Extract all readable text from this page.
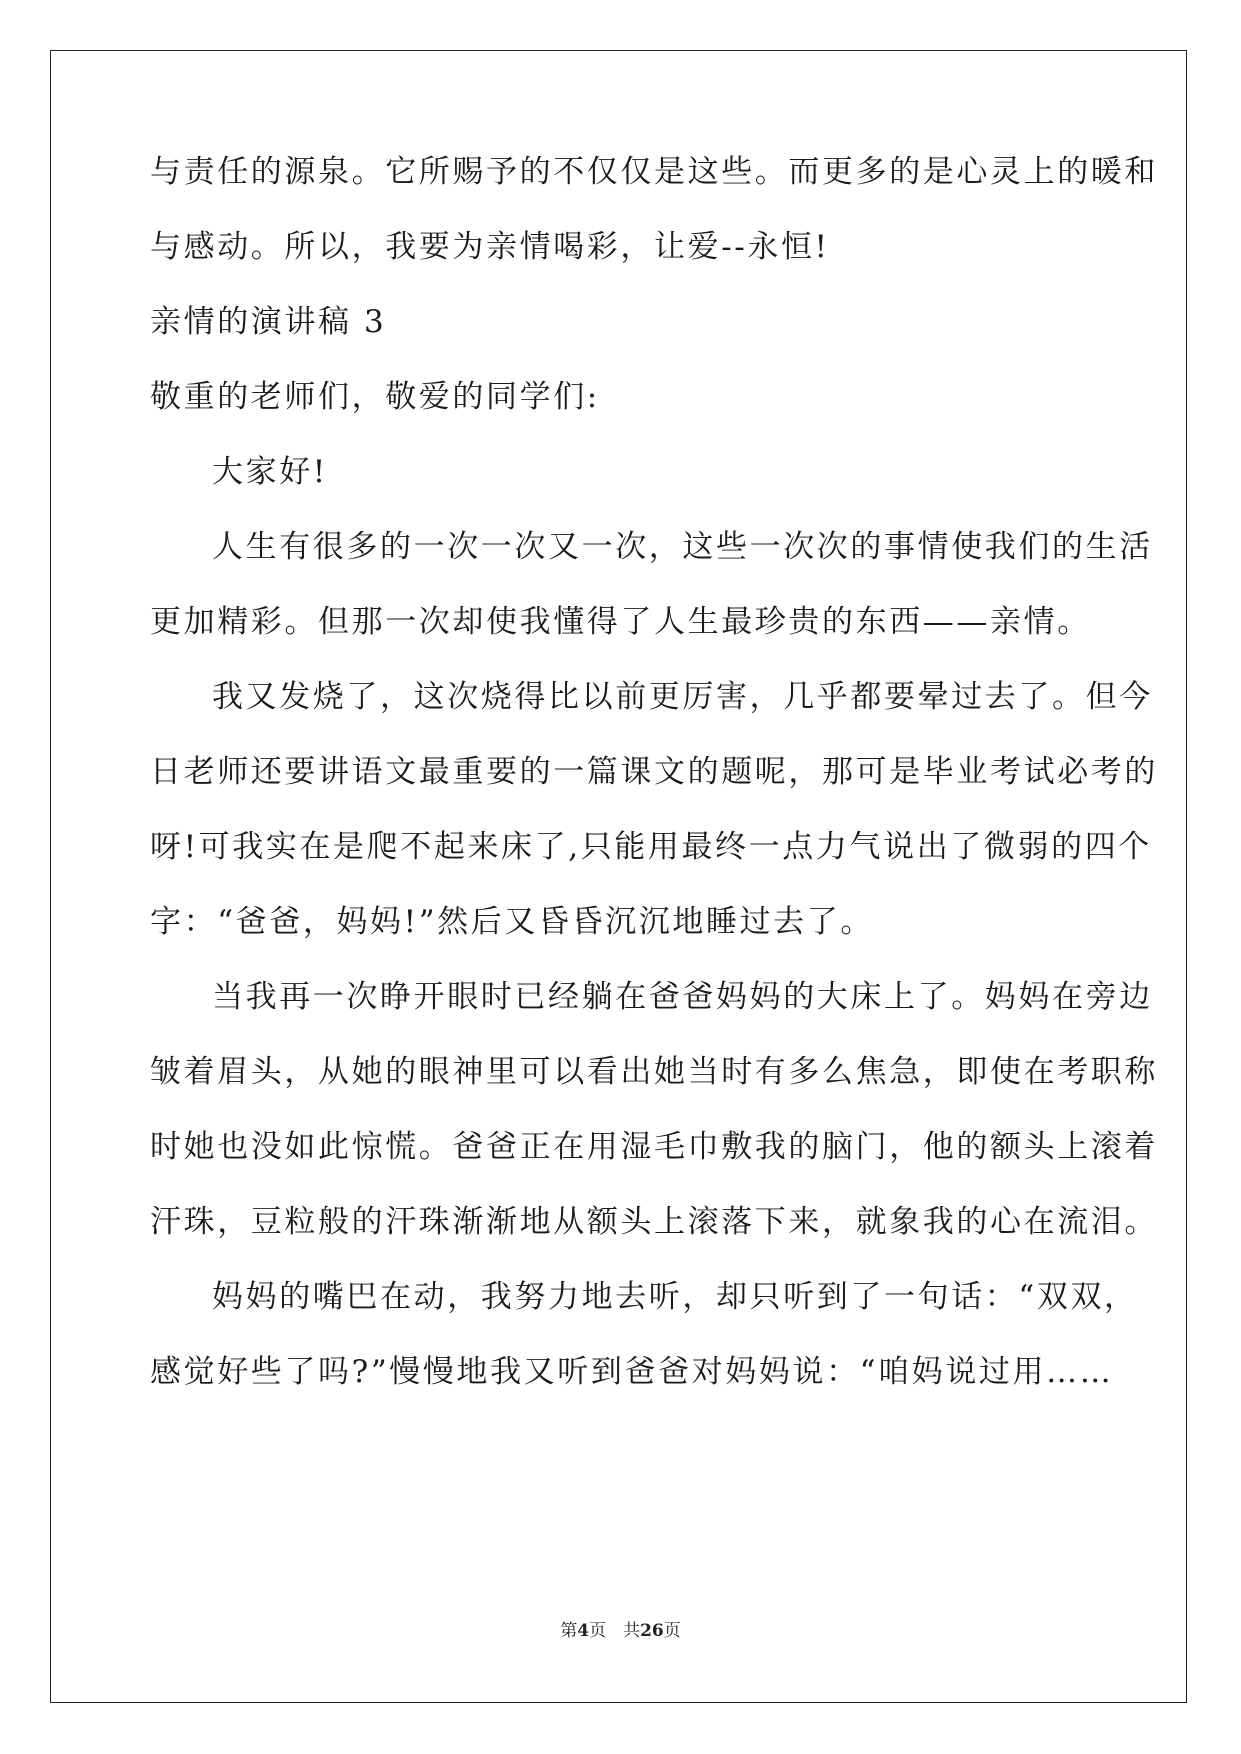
与责任的源泉。它所赐予的不仅仅是这些。而更多的是心灵上的暖和
与感动。所以，我要为亲情喝彩，让爱--永恒!
亲情的演讲稿 3
敬重的老师们，敬爱的同学们:
大家好!
人生有很多的一次一次又一次，这些一次次的事情使我们的生活
更加精彩。但那一次却使我懂得了人生最珍贵的东西——亲情。
我又发烧了，这次烧得比以前更厉害，几乎都要晕过去了。但今
日老师还要讲语文最重要的一篇课文的题呢，那可是毕业考试必考的
呀!可我实在是爬不起来床了,只能用最终一点力气说出了微弱的四个
字：“爸爸，妈妈!”然后又昏昏沉沉地睡过去了。
当我再一次睁开眼时已经躺在爸爸妈妈的大床上了。妈妈在旁边
皱着眉头，从她的眼神里可以看出她当时有多么焦急，即使在考职称
时她也没如此惊慌。爸爸正在用湿毛巾敷我的脑门，他的额头上滚着
汗珠，豆粒般的汗珠渐渐地从额头上滚落下来，就象我的心在流泪。
妈妈的嘴巴在动，我努力地去听，却只听到了一句话：“双双，
感觉好些了吗?”慢慢地我又听到爸爸对妈妈说：“咱妈说过用……
第4页　共26页
